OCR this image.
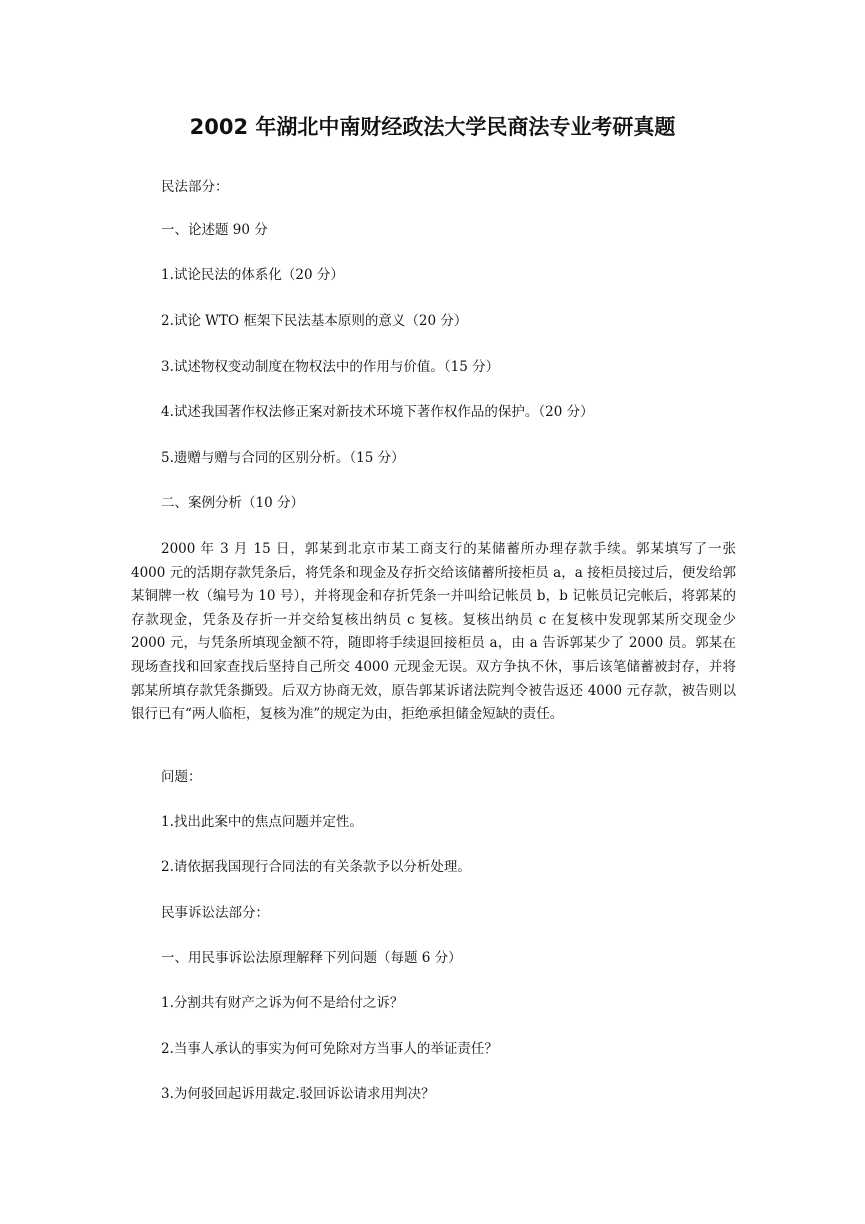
2002 年湖北中南财经政法大学民商法专业考研真题
民法部分：
一、论述题 90 分
1.试论民法的体系化（20 分）
2.试论 WTO 框架下民法基本原则的意义（20 分）
3.试述物权变动制度在物权法中的作用与价值。（15 分）
4.试述我国著作权法修正案对新技术环境下著作权作品的保护。（20 分）
5.遗赠与赠与合同的区别分析。（15 分）
二、案例分析（10 分）
2000 年 3 月 15 日，郭某到北京市某工商支行的某储蓄所办理存款手续。郭某填写了一张 4000 元的活期存款凭条后，将凭条和现金及存折交给该储蓄所接柜员 a，a 接柜员接过后，便发给郭某铜牌一枚（编号为 10 号），并将现金和存折凭条一并叫给记帐员 b，b 记帐员记完帐后，将郭某的存款现金，凭条及存折一并交给复核出纳员 c 复核。复核出纳员 c 在复核中发现郭某所交现金少 2000 元，与凭条所填现金额不符，随即将手续退回接柜员 a，由 a 告诉郭某少了 2000 员。郭某在现场查找和回家查找后坚持自己所交 4000 元现金无误。双方争执不休，事后该笔储蓄被封存，并将郭某所填存款凭条撕毁。后双方协商无效，原告郭某诉诸法院判令被告返还 4000 元存款，被告则以银行已有“两人临柜，复核为准”的规定为由，拒绝承担储金短缺的责任。
问题：
1.找出此案中的焦点问题并定性。
2.请依据我国现行合同法的有关条款予以分析处理。
民事诉讼法部分：
一、用民事诉讼法原理解释下列问题（每题 6 分）
1.分割共有财产之诉为何不是给付之诉？
2.当事人承认的事实为何可免除对方当事人的举证责任？
3.为何驳回起诉用裁定.驳回诉讼请求用判决？
